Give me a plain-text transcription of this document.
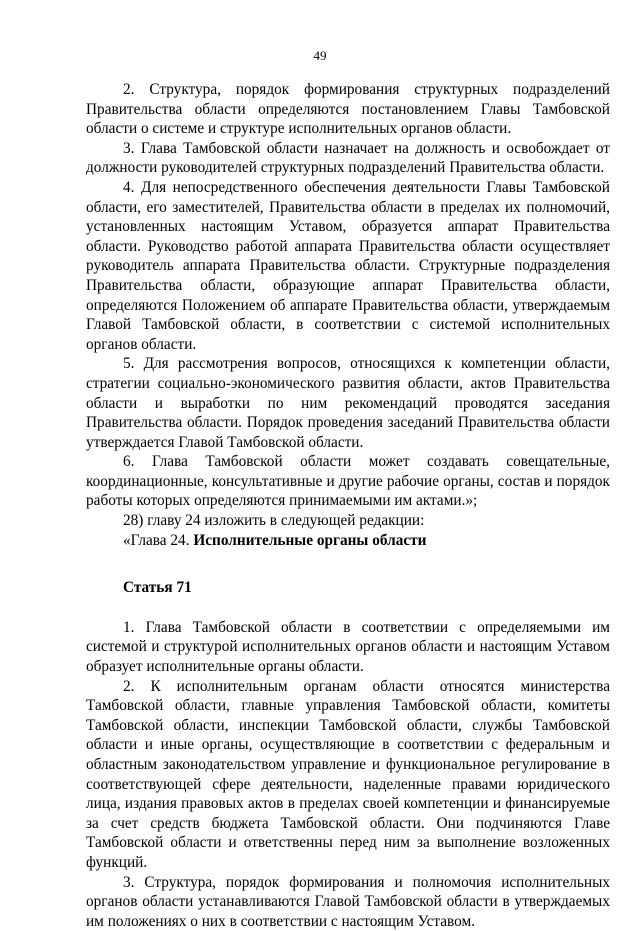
49

2. Структура, порядок формирования структурных подразделений Правительства области определяются постановлением Главы Тамбовской области о системе и структуре исполнительных органов области.

3. Глава Тамбовской области назначает на должность и освобождает от должности руководителей структурных подразделений Правительства области.

4. Для непосредственного обеспечения деятельности Главы Тамбовской области, его заместителей, Правительства области в пределах их полномочий, установленных настоящим Уставом, образуется аппарат Правительства области. Руководство работой аппарата Правительства области осуществляет руководитель аппарата Правительства области. Структурные подразделения Правительства области, образующие аппарат Правительства области, определяются Положением об аппарате Правительства области, утверждаемым Главой Тамбовской области, в соответствии с системой исполнительных органов области.

5. Для рассмотрения вопросов, относящихся к компетенции области, стратегии социально-экономического развития области, актов Правительства области и выработки по ним рекомендаций проводятся заседания Правительства области. Порядок проведения заседаний Правительства области утверждается Главой Тамбовской области.

6. Глава Тамбовской области может создавать совещательные, координационные, консультативные и другие рабочие органы, состав и порядок работы которых определяются принимаемыми им актами.»;

28) главу 24 изложить в следующей редакции:

«Глава 24. Исполнительные органы области

Статья 71

1. Глава Тамбовской области в соответствии с определяемыми им системой и структурой исполнительных органов области и настоящим Уставом образует исполнительные органы области.

2. К исполнительным органам области относятся министерства Тамбовской области, главные управления Тамбовской области, комитеты Тамбовской области, инспекции Тамбовской области, службы Тамбовской области и иные органы, осуществляющие в соответствии с федеральным и областным законодательством управление и функциональное регулирование в соответствующей сфере деятельности, наделенные правами юридического лица, издания правовых актов в пределах своей компетенции и финансируемые за счет средств бюджета Тамбовской области. Они подчиняются Главе Тамбовской области и ответственны перед ним за выполнение возложенных функций.

3. Структура, порядок формирования и полномочия исполнительных органов области устанавливаются Главой Тамбовской области в утверждаемых им положениях о них в соответствии с настоящим Уставом.
